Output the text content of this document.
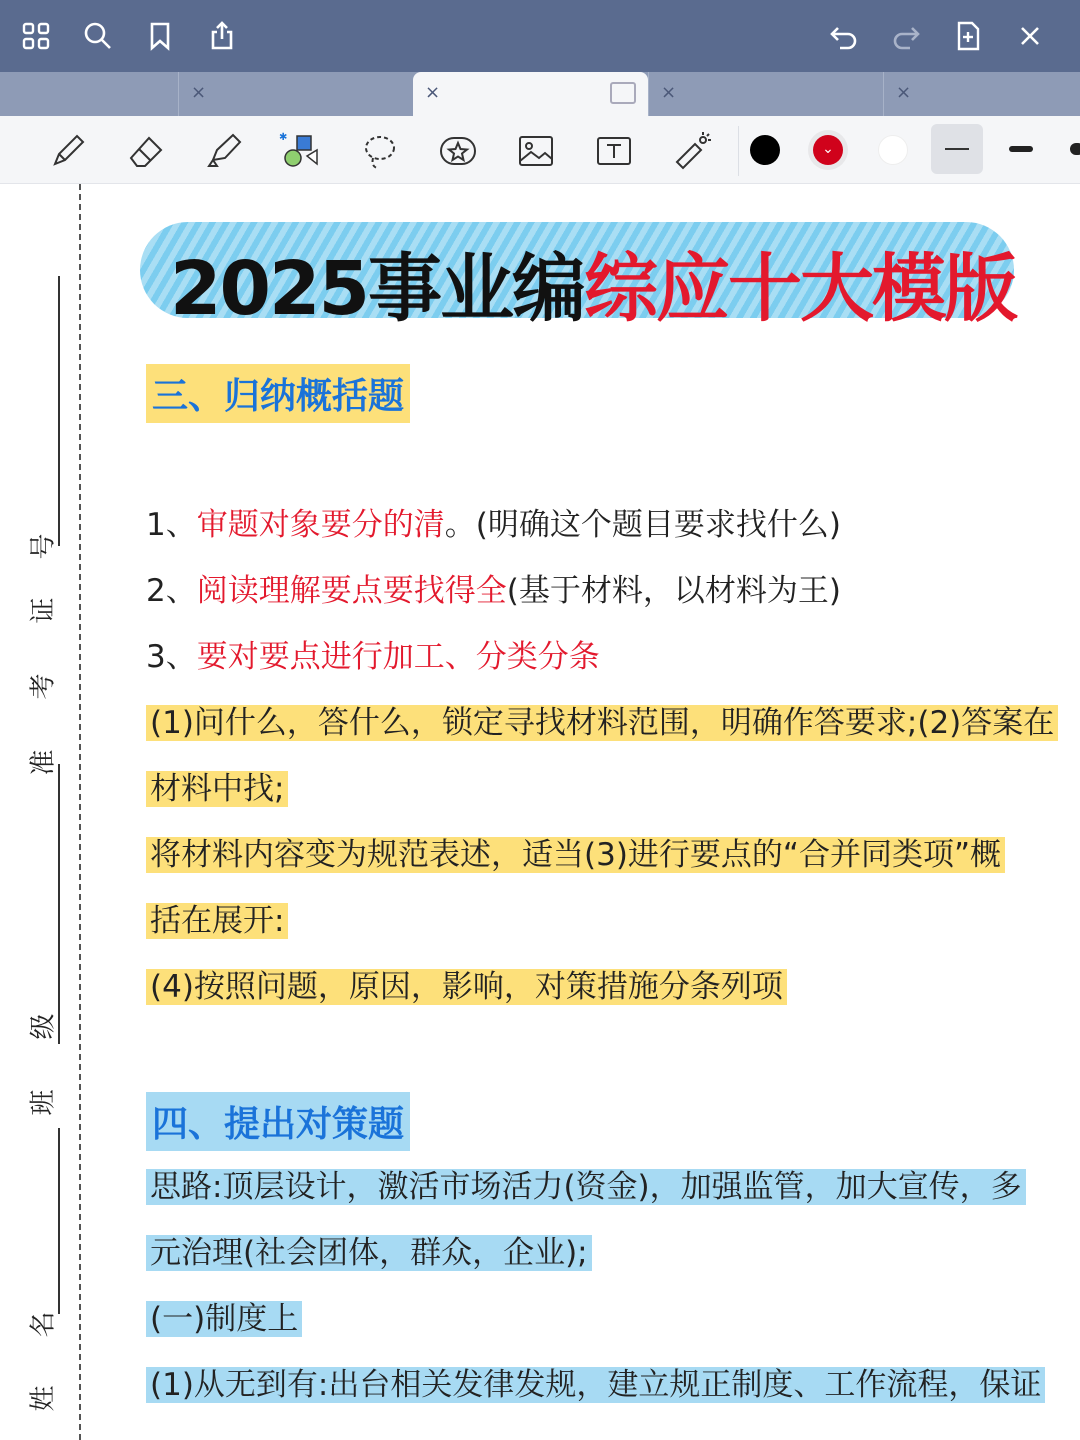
×	×	×	×
✱
⌄
号
证
考
准
级
班
名
姓
2025事业编综应十大模版
三、归纳概括题
1、审题对象要分的清。(明确这个题目要求找什么)
2、阅读理解要点要找得全(基于材料，以材料为王)
3、要对要点进行加工、分类分条
(1)问什么，答什么，锁定寻找材料范围，明确作答要求;(2)答案在
材料中找;
将材料内容变为规范表述，适当(3)进行要点的“合并同类项”概
括在展开:
(4)按照问题，原因，影响，对策措施分条列项
四、提出对策题
思路:顶层设计，激活市场活力(资金)，加强监管，加大宣传，多
元治理(社会团体，群众，企业);
(一)制度上
(1)从无到有:出台相关发律发规，建立规正制度、工作流程，保证
